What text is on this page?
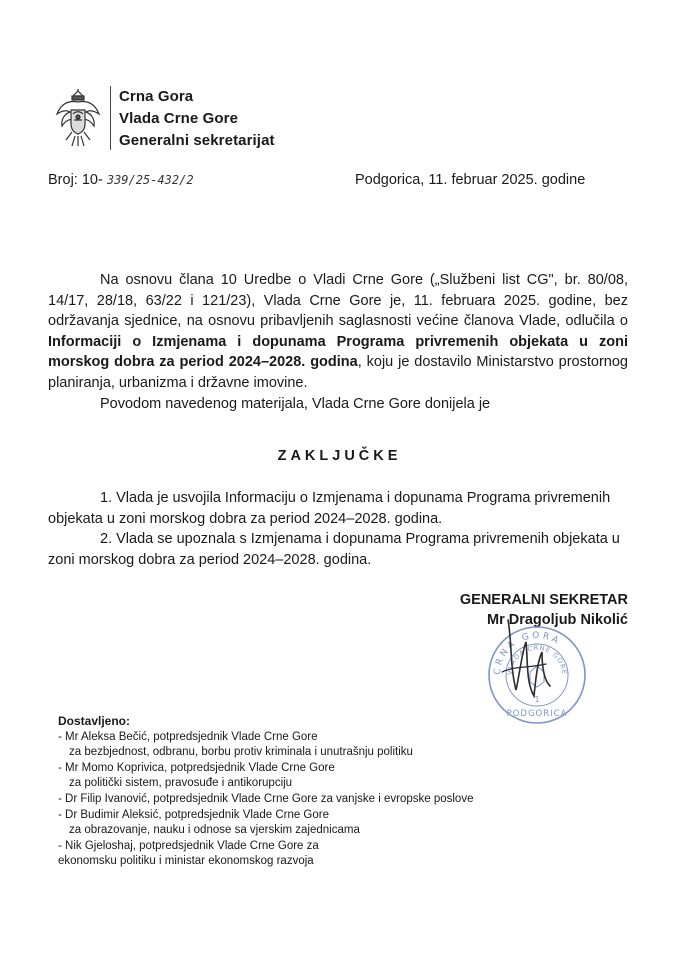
Crna Gora
Vlada Crne Gore
Generalni sekretarijat
Broj: 10- 339/25-432/2	Podgorica, 11. februar 2025. godine

Na osnovu člana 10 Uredbe o Vladi Crne Gore („Službeni list CG", br. 80/08, 14/17, 28/18, 63/22 i 121/23), Vlada Crne Gore je, 11. februara 2025. godine, bez održavanja sjednice, na osnovu pribavljenih saglasnosti većine članova Vlade, odlučila o Informaciji o Izmjenama i dopunama Programa privremenih objekata u zoni morskog dobra za period 2024–2028. godina, koju je dostavilo Ministarstvo prostornog planiranja, urbanizma i državne imovine.

Povodom navedenog materijala, Vlada Crne Gore donijela je

ZAKLJUČKE

1. Vlada je usvojila Informaciju o Izmjenama i dopunama Programa privremenih objekata u zoni morskog dobra za period 2024–2028. godina.

2. Vlada se upoznala s Izmjenama i dopunama Programa privremenih objekata u zoni morskog dobra za period 2024–2028. godina.

GENERALNI SEKRETAR
Mr Dragoljub Nikolić
CRNA GORA
VLADA CRNE GORE
1
PODGORICA
Dostavljeno:
- Mr Aleksa Bečić, potpredsjednik Vlade Crne Gore
za bezbjednost, odbranu, borbu protiv kriminala i unutrašnju politiku
- Mr Momo Koprivica, potpredsjednik Vlade Crne Gore
za politički sistem, pravosuđe i antikorupciju
- Dr Filip Ivanović, potpredsjednik Vlade Crne Gore za vanjske i evropske poslove
- Dr Budimir Aleksić, potpredsjednik Vlade Crne Gore
za obrazovanje, nauku i odnose sa vjerskim zajednicama
- Nik Gjeloshaj, potpredsjednik Vlade Crne Gore za
ekonomsku politiku i ministar ekonomskog razvoja
